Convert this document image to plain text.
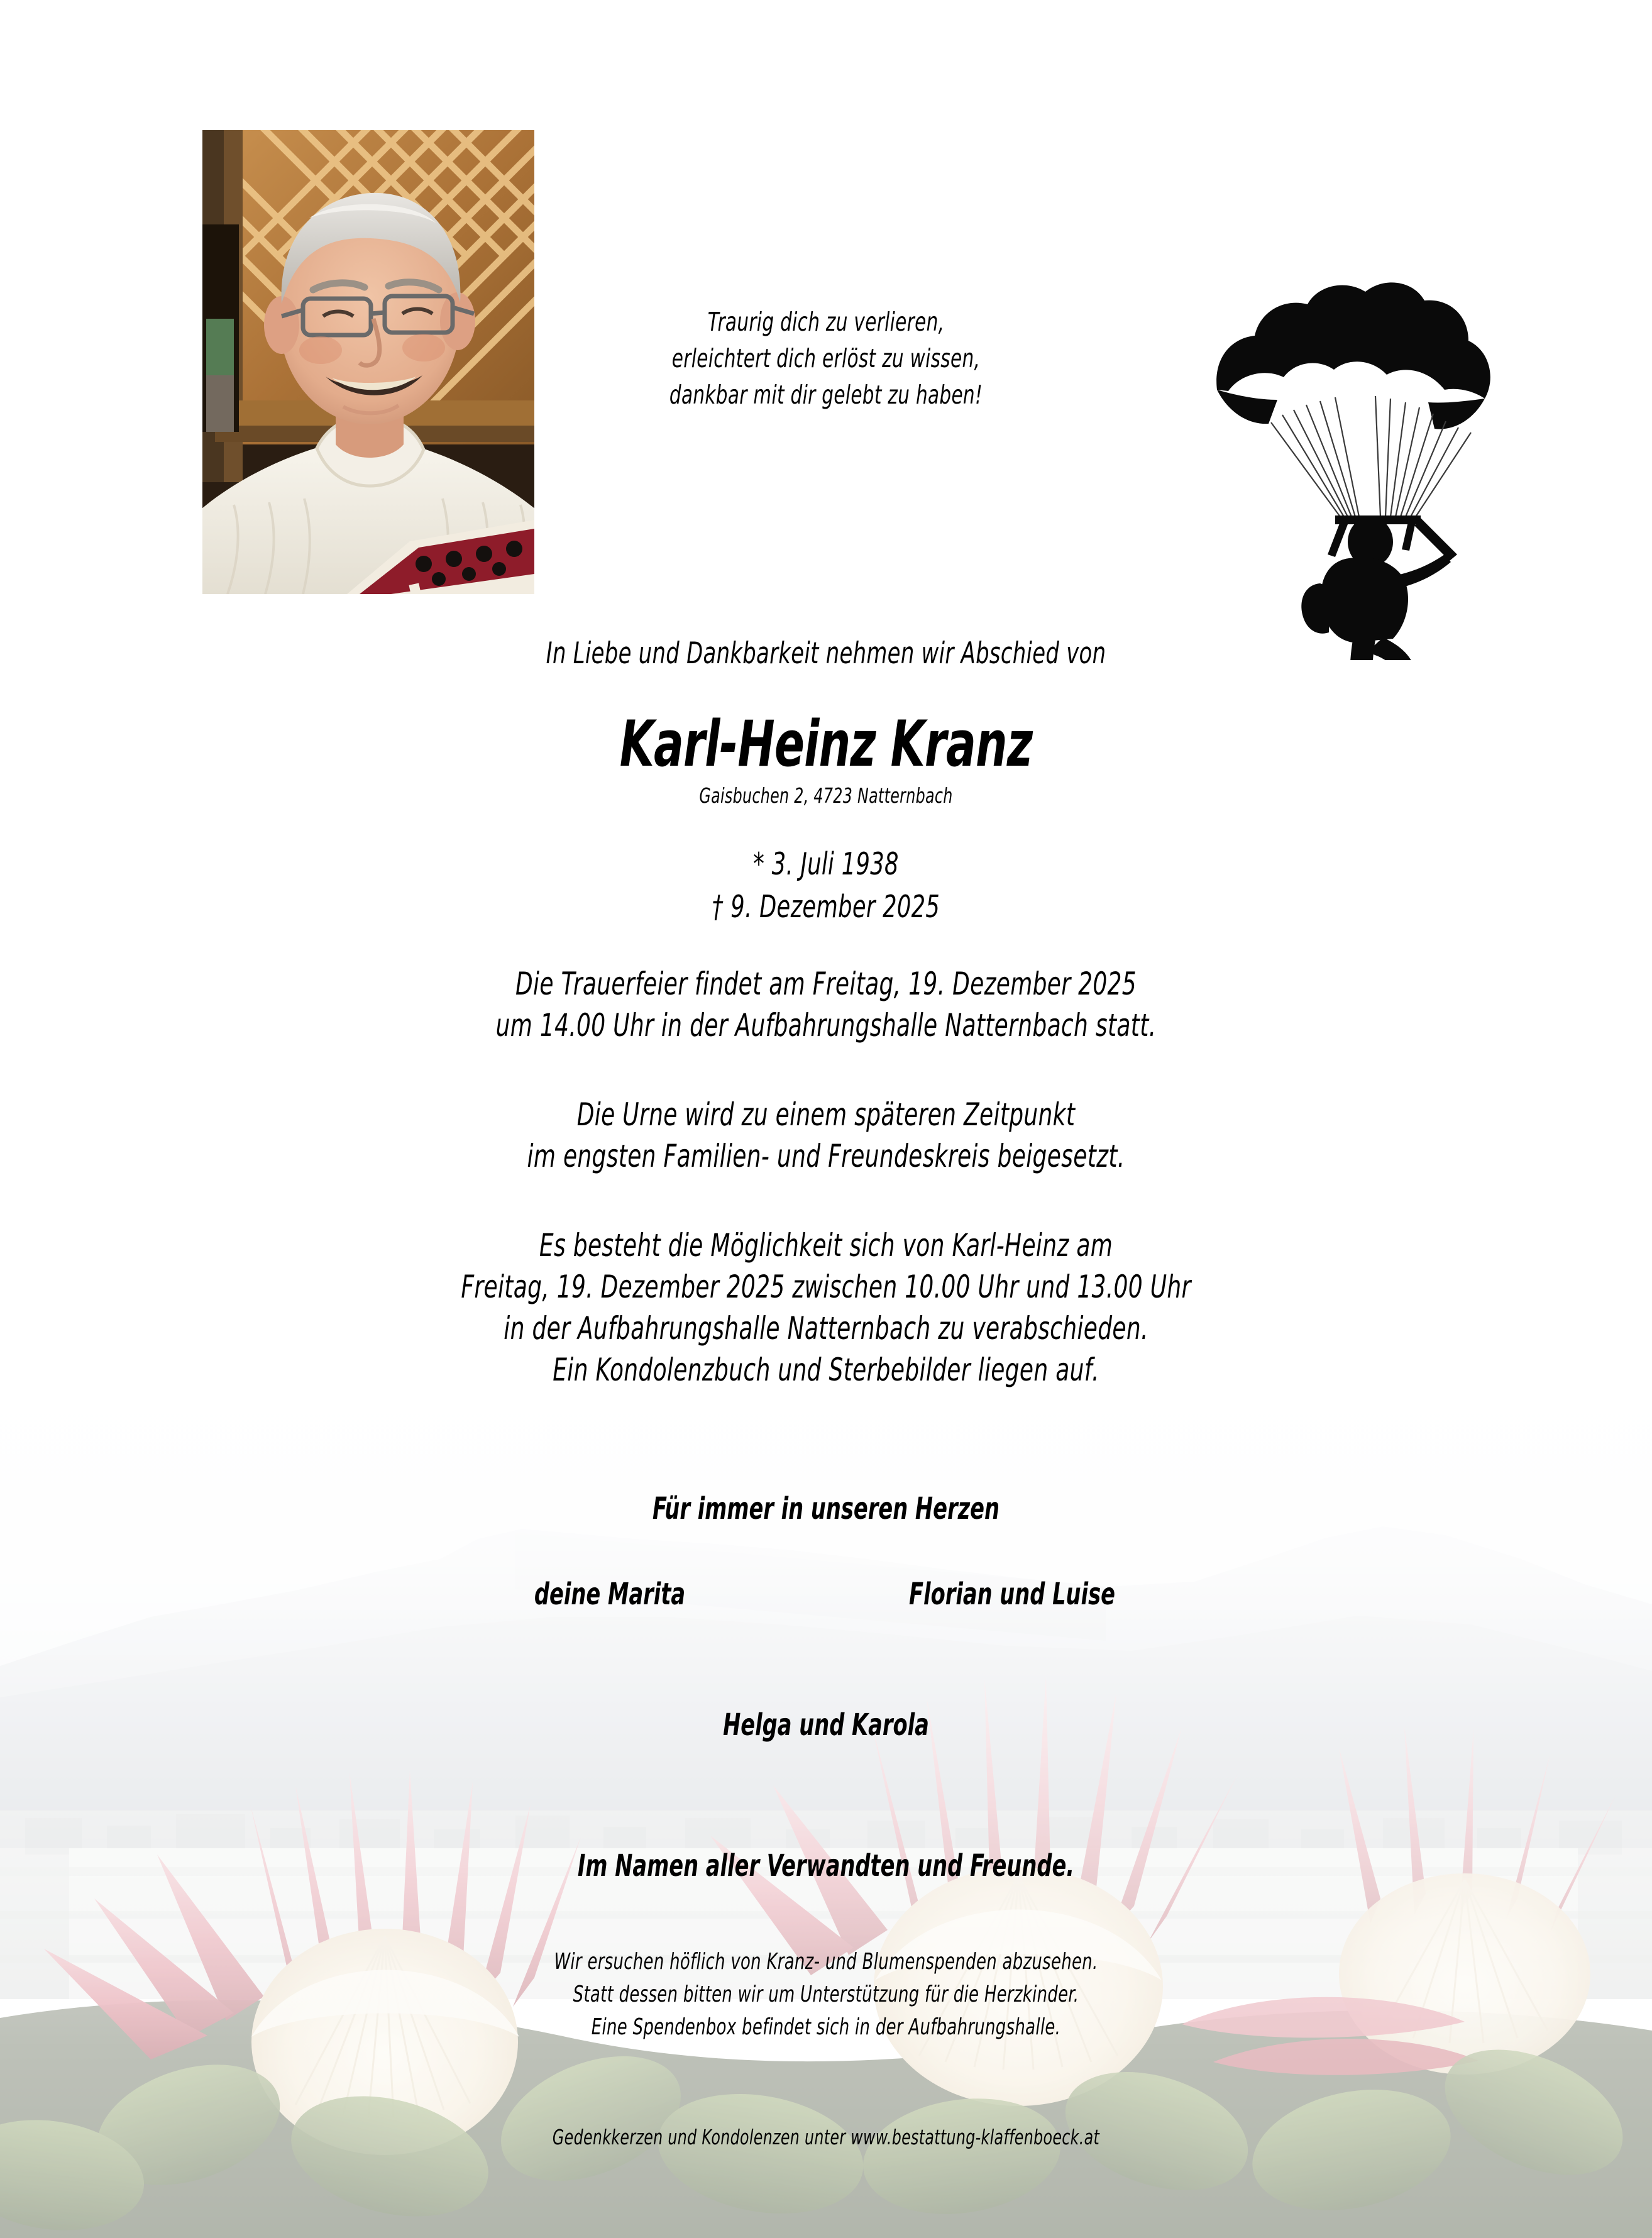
Traurig dich zu verlieren,
erleichtert dich erlöst zu wissen,
dankbar mit dir gelebt zu haben!
In Liebe und Dankbarkeit nehmen wir Abschied von
Karl-Heinz Kranz
Gaisbuchen 2, 4723 Natternbach
* 3. Juli 1938
† 9. Dezember 2025
Die Trauerfeier findet am Freitag, 19. Dezember 2025
um 14.00 Uhr in der Aufbahrungshalle Natternbach statt.
Die Urne wird zu einem späteren Zeitpunkt
im engsten Familien- und Freundeskreis beigesetzt.
Es besteht die Möglichkeit sich von Karl-Heinz am
Freitag, 19. Dezember 2025 zwischen 10.00 Uhr und 13.00 Uhr
in der Aufbahrungshalle Natternbach zu verabschieden.
Ein Kondolenzbuch und Sterbebilder liegen auf.
Für immer in unseren Herzen
deine Marita	Florian und Luise
Helga und Karola
Im Namen aller Verwandten und Freunde.
Wir ersuchen höflich von Kranz- und Blumenspenden abzusehen.
Statt dessen bitten wir um Unterstützung für die Herzkinder.
Eine Spendenbox befindet sich in der Aufbahrungshalle.
Gedenkkerzen und Kondolenzen unter www.bestattung-klaffenboeck.at
